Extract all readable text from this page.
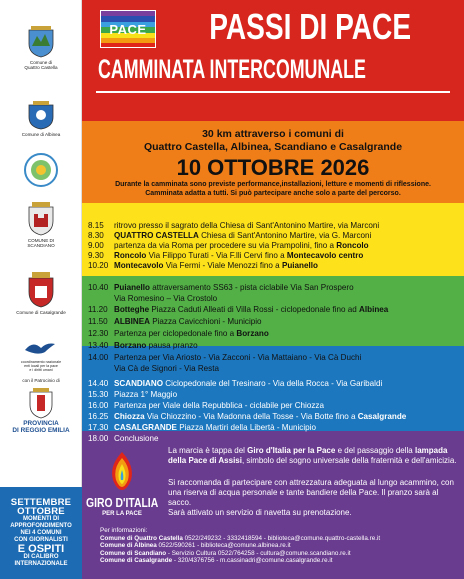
Comune di
Quattro Castella
Comune di Albinea
COMUNE DI
SCANDIANO
Comune di Casalgrande
coordinamento nazionale
enti locali per la pace
e i diritti umani
con il Patrocinio di
PROVINCIA
DI REGGIO EMILIA
SETTEMBRE
OTTOBRE
MOMENTI DI
APPROFONDIMENTO
NEI 4 COMUNI
CON GIORNALISTI
E OSPITI
DI CALIBRO
INTERNAZIONALE
PACE	PASSI DI PACE
CAMMINATA INTERCOMUNALE
30 km attraverso i comuni di
Quattro Castella, Albinea, Scandiano e Casalgrande
10 OTTOBRE 2026
Durante la camminata sono previste performance,installazioni, letture e momenti di riflessione.
Camminata adatta a tutti. Si può partecipare anche solo a parte del percorso.
8.15	ritrovo presso il sagrato della Chiesa di Sant'Antonino Martire, via Marconi
8.30	QUATTRO CASTELLA Chiesa di Sant'Antonino Martire, via G. Marconi
9.00	partenza da via Roma per procedere su via Prampolini, fino a Roncolo
9.30	Roncolo Via Filippo Turati - Via F.lli Cervi fino a Montecavolo centro
10.20 Montecavolo Via Fermi - Viale Menozzi fino a Puianello
10.40 Puianello attraversamento SS63 - pista ciclabile Via San Prospero
Via Romesino – Via Crostolo
11.20 Botteghe Piazza Caduti Alleati di Villa Rossi - ciclopedonale fino ad Albinea
11.50 ALBINEA Piazza Cavicchioni - Municipio
12.30 Partenza per ciclopedonale fino a Borzano
13.40 Borzano pausa pranzo
14.00 Partenza per Via Ariosto - Via Zacconi - Via Mattaiano - Via Cà Duchi
Via Cà de Signori - Via Resta
14.40 SCANDIANO Ciclopedonale del Tresinaro - Via della Rocca - Via Garibaldi
15.30 Piazza 1° Maggio
16.00 Partenza per Viale della Repubblica - ciclabile per Chiozza
16.25 Chiozza Via Chiozzino - Via Madonna della Tosse - Via Botte fino a Casalgrande
17.30 CASALGRANDE Piazza Martiri della Libertà - Municipio
18.00 Conclusione
GIRO D'ITALIA
PER LA PACE
La marcia è tappa del Giro d'Italia per la Pace e del passaggio della lampada della Pace di Assisi, simbolo del sogno universale della fraternità e dell'amicizia.
Si raccomanda di partecipare con attrezzatura adeguata al lungo acammino, con una riserva di acqua personale e tante bandiere della Pace. Il pranzo sarà al sacco.
Sarà attivato un servizio di navetta su prenotazione.
Per informazioni:
Comune di Quattro Castella 0522/249232 - 3332418594 - biblioteca@comune.quattro-castella.re.it
Comune di Albinea 0522/590261 - biblioteca@comune.albinea.re.it
Comune di Scandiano - Servizio Cultura 0522/764258 - cultura@comune.scandiano.re.it
Comune di Casalgrande - 320/4376756 - m.cassinadri@comune.casalgrande.re.it
